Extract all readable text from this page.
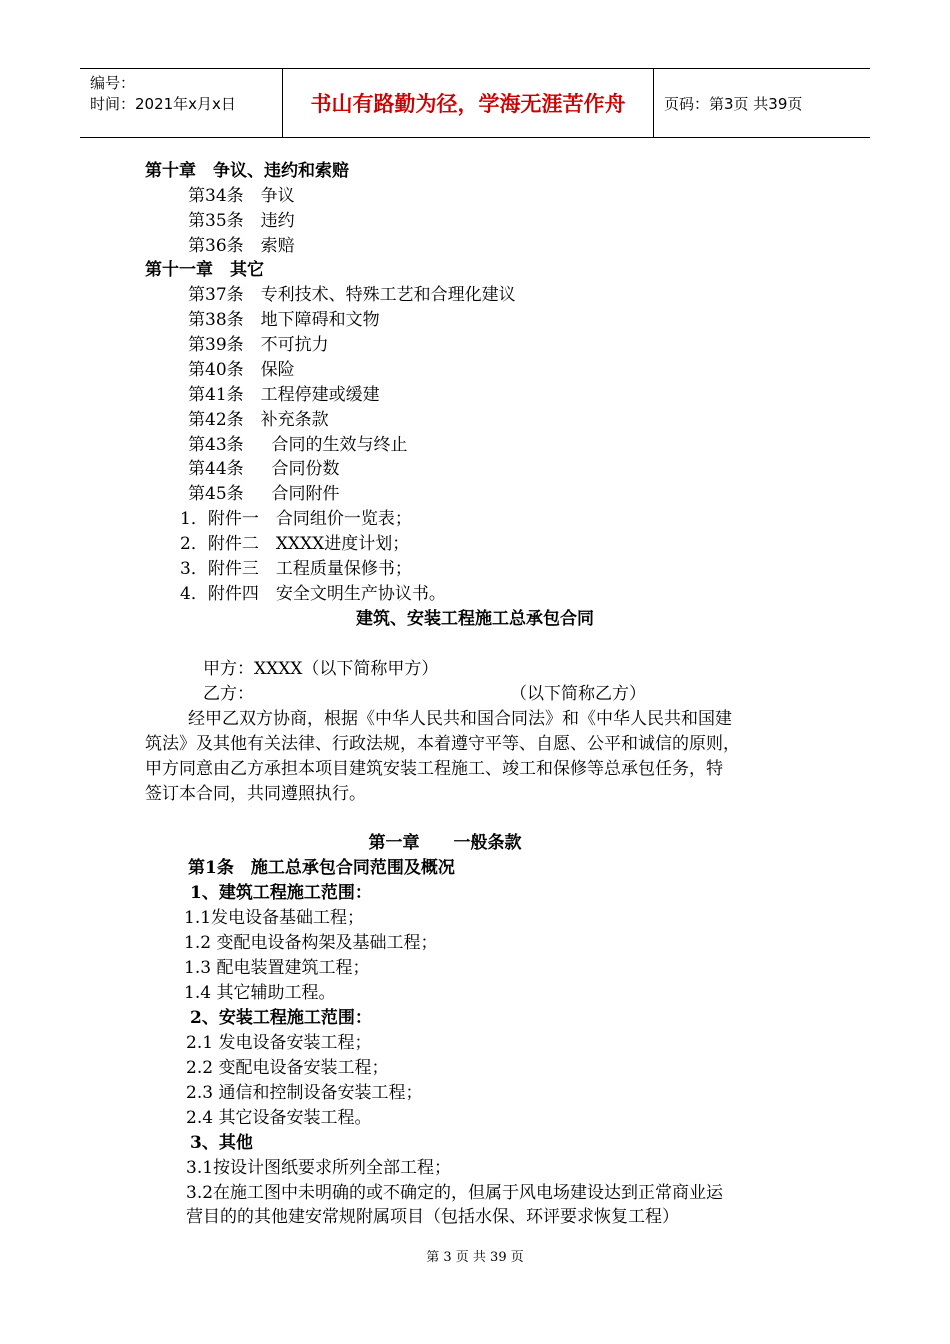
编号：
时间：2021年x月x日	书山有路勤为径，学海无涯苦作舟	页码：第3页 共39页
第十章　争议、违约和索赔
第34条　争议
第35条　违约
第36条　索赔
第十一章　其它
第37条　专利技术、特殊工艺和合理化建议
第38条　地下障碍和文物
第39条　不可抗力
第40条　保险
第41条　工程停建或缓建
第42条　补充条款
第43条　  合同的生效与终止
第44条　  合同份数
第45条　  合同附件
1．附件一　合同组价一览表；
2．附件二　XXXX进度计划；
3．附件三　工程质量保修书；
4．附件四　安全文明生产协议书。
建筑、安装工程施工总承包合同
甲方：XXXX（以下简称甲方）
乙方：	（以下简称乙方）
经甲乙双方协商，根据《中华人民共和国合同法》和《中华人民共和国建
筑法》及其他有关法律、行政法规，本着遵守平等、自愿、公平和诚信的原则，
甲方同意由乙方承担本项目建筑安装工程施工、竣工和保修等总承包任务，特
签订本合同，共同遵照执行。
第一章　　一般条款
第1条　施工总承包合同范围及概况
1、建筑工程施工范围：
1.1发电设备基础工程；
1.2 变配电设备构架及基础工程；
1.3 配电装置建筑工程；
1.4 其它辅助工程。
2、安装工程施工范围：
2.1 发电设备安装工程；
2.2 变配电设备安装工程；
2.3 通信和控制设备安装工程；
2.4 其它设备安装工程。
3、其他
3.1按设计图纸要求所列全部工程；
3.2在施工图中未明确的或不确定的，但属于风电场建设达到正常商业运
营目的的其他建安常规附属项目（包括水保、环评要求恢复工程）
第 3 页 共 39 页
